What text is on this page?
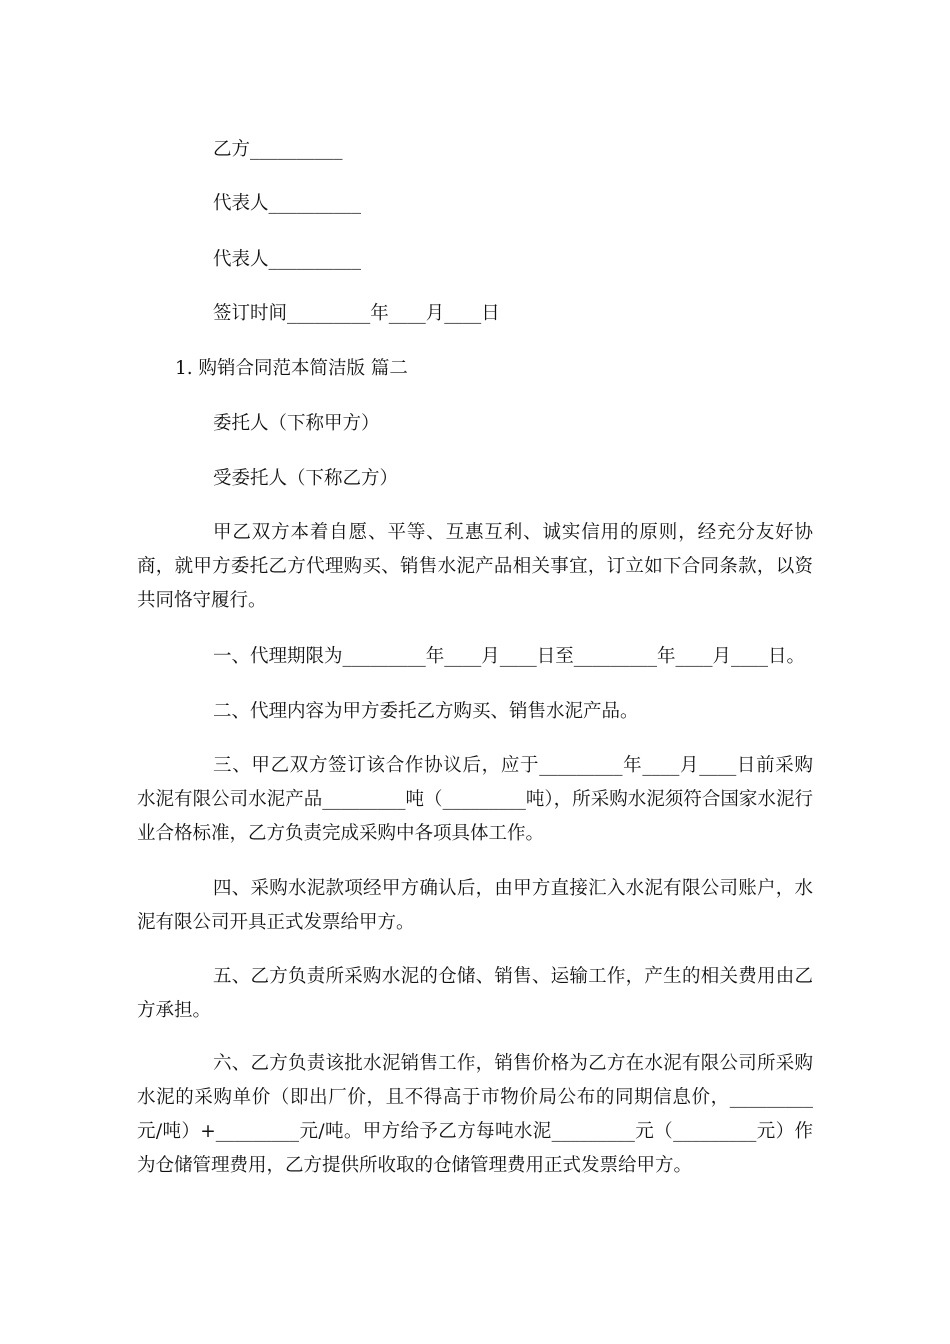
乙方__________
代表人__________
代表人__________
签订时间_________年____月____日
1. 购销合同范本简洁版 篇二
委托人（下称甲方）
受委托人（下称乙方）
甲乙双方本着自愿、平等、互惠互利、诚实信用的原则，经充分友好协商，就甲方委托乙方代理购买、销售水泥产品相关事宜，订立如下合同条款，以资共同恪守履行。
一、代理期限为_________年____月____日至_________年____月____日。
二、代理内容为甲方委托乙方购买、销售水泥产品。
三、甲乙双方签订该合作协议后，应于_________年____月____日前采购水泥有限公司水泥产品_________吨（_________吨），所采购水泥须符合国家水泥行业合格标准，乙方负责完成采购中各项具体工作。
四、采购水泥款项经甲方确认后，由甲方直接汇入水泥有限公司账户，水泥有限公司开具正式发票给甲方。
五、乙方负责所采购水泥的仓储、销售、运输工作，产生的相关费用由乙方承担。
六、乙方负责该批水泥销售工作，销售价格为乙方在水泥有限公司所采购水泥的采购单价（即出厂价，且不得高于市物价局公布的同期信息价，_________元/吨）+_________元/吨。甲方给予乙方每吨水泥_________元（_________元）作为仓储管理费用，乙方提供所收取的仓储管理费用正式发票给甲方。
